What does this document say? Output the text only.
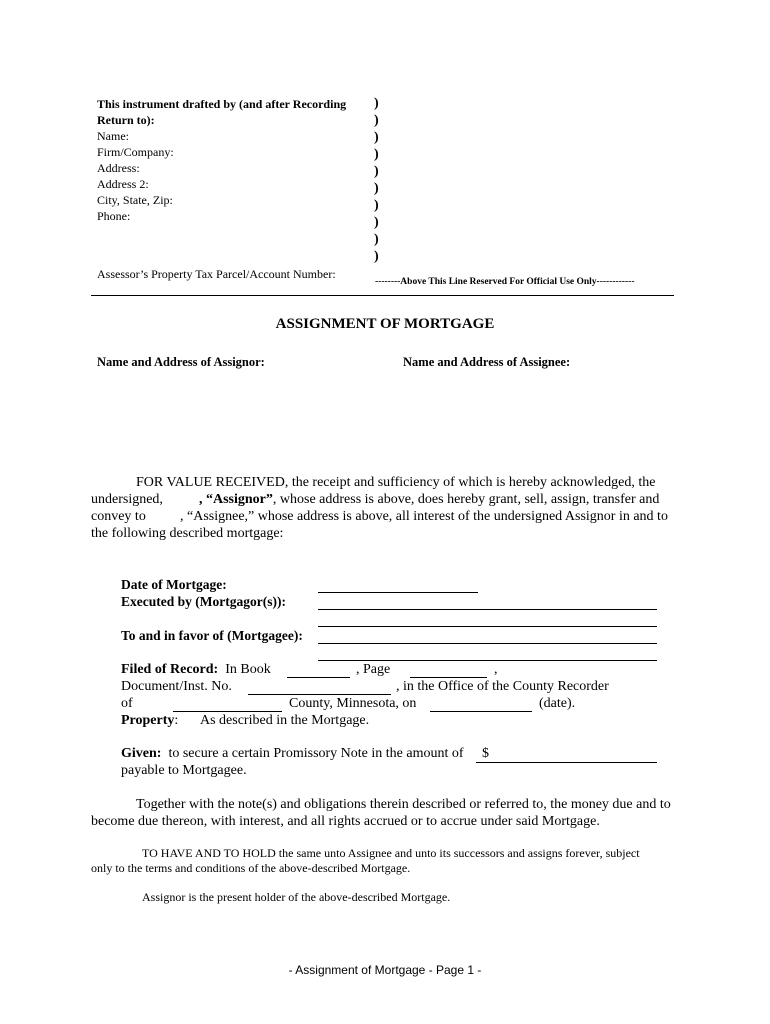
This instrument drafted by (and after Recording
Return to):
Name:
Firm/Company:
Address:
Address 2:
City, State, Zip:
Phone:
Assessor’s Property Tax Parcel/Account Number:
)
)
)
)
)
)
)
)
)
)
--------Above This Line Reserved For Official Use Only------------
ASSIGNMENT OF MORTGAGE
Name and Address of Assignor:	Name and Address of Assignee:
FOR VALUE RECEIVED, the receipt and sufficiency of which is hereby acknowledged, the
undersigned,	, “Assignor”, whose address is above, does hereby grant, sell, assign, transfer and
convey to , “Assignee,” whose address is above, all interest of the undersigned Assignor in and to
the following described mortgage:
Date of Mortgage:
Executed by (Mortgagor(s)):
To and in favor of (Mortgagee):
Filed of Record: In Book	, Page	,
Document/Inst. No.	, in the Office of the County Recorder
of	County, Minnesota, on	(date).
Property: As described in the Mortgage.
Given: to secure a certain Promissory Note in the amount of $
payable to Mortgagee.
Together with the note(s) and obligations therein described or referred to, the money due and to
become due thereon, with interest, and all rights accrued or to accrue under said Mortgage.
TO HAVE AND TO HOLD the same unto Assignee and unto its successors and assigns forever, subject
only to the terms and conditions of the above-described Mortgage.
Assignor is the present holder of the above-described Mortgage.
- Assignment of Mortgage - Page 1 -
